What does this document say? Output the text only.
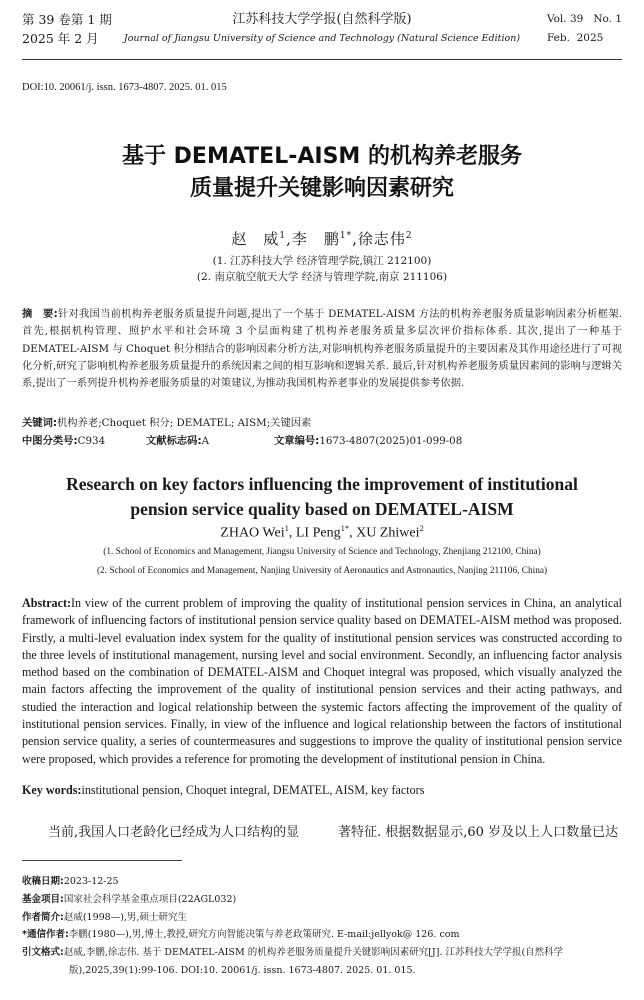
第 39 卷第 1 期
2025 年 2 月
江苏科技大学学报(自然科学版)
Journal of Jiangsu University of Science and Technology (Natural Science Edition)
Vol. 39   No. 1
Feb.  2025
DOI:10. 20061/j. issn. 1673-4807. 2025. 01. 015
基于 DEMATEL-AISM 的机构养老服务
质量提升关键影响因素研究
赵　威$^1$,李　鹏$^{1*}$,徐志伟$^2$
(1. 江苏科技大学 经济管理学院,镇江 212100)
(2. 南京航空航天大学 经济与管理学院,南京 211106)
摘　要:针对我国当前机构养老服务质量提升问题,提出了一个基于 DEMATEL-AISM 方法的机构养老服务质量影响因素分析框架. 首先,根据机构管理、照护水平和社会环境 3 个层面构建了机构养老服务质量多层次评价指标体系. 其次,提出了一种基于 DEMATEL-AISM 与 Choquet 积分相结合的影响因素分析方法,对影响机构养老服务质量提升的主要因素及其作用途径进行了可视化分析,研究了影响机构养老服务质量提升的系统因素之间的相互影响和逻辑关系. 最后,针对机构养老服务质量因素间的影响与逻辑关系,提出了一系列提升机构养老服务质量的对策建议,为推动我国机构养老事业的发展提供参考依据.
关键词:机构养老;Choquet 积分; DEMATEL; AISM;关键因素
中图分类号:C934	文献标志码:A	文章编号:1673-4807(2025)01-099-08
Research on key factors influencing the improvement of institutional
pension service quality based on DEMATEL-AISM
ZHAO Wei$^1$, LI Peng$^{1*}$, XU Zhiwei$^2$
(1. School of Economics and Management, Jiangsu University of Science and Technology, Zhenjiang 212100, China)
(2. School of Economics and Management, Nanjing University of Aeronautics and Astronautics, Nanjing 211106, China)
Abstract:In view of the current problem of improving the quality of institutional pension services in China, an analytical framework of influencing factors of institutional pension service quality based on DEMATEL-AISM method was proposed. Firstly, a multi-level evaluation index system for the quality of institutional pension services was constructed according to the three levels of institutional management, nursing level and social environment. Secondly, an influencing factor analysis method based on the combination of DEMATEL-AISM and Choquet integral was proposed, which visually analyzed the main factors affecting the improvement of the quality of institutional pension services and their acting pathways, and studied the interaction and logical relationship between the systemic factors affecting the improvement of the quality of institutional pension services. Finally, in view of the influence and logical relationship between the factors of institutional pension service quality, a series of countermeasures and suggestions to improve the quality of institutional pension service were proposed, which provides a reference for promoting the development of institutional pension in China.
Key words:institutional pension, Choquet integral, DEMATEL, AISM, key factors
当前,我国人口老龄化已经成为人口结构的显	著特征. 根据数据显示,60 岁及以上人口数量已达
收稿日期:2023-12-25
基金项目:国家社会科学基金重点项目(22AGL032)
作者简介:赵威(1998—),男,硕士研究生
*通信作者:李鹏(1980—),男,博士,教授,研究方向智能决策与养老政策研究. E-mail:jellyok@ 126. com
引文格式:赵威,李鹏,徐志伟. 基于 DEMATEL-AISM 的机构养老服务质量提升关键影响因素研究[J]. 江苏科技大学学报(自然科学版),2025,39(1):99-106. DOI:10. 20061/j. issn. 1673-4807. 2025. 01. 015.
